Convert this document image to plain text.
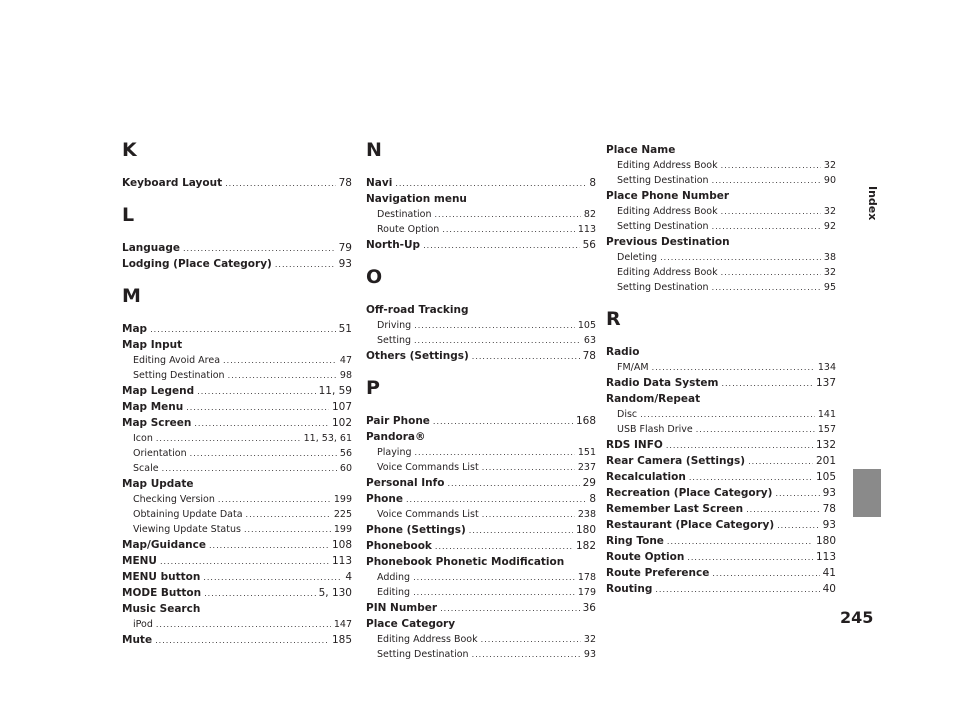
K
Keyboard Layout .....	78
L
Language .....	79
Lodging (Place Category) .....	93
M
Map .....	51
Map Input
Editing Avoid Area .....	47
Setting Destination .....	98
Map Legend .....	11, 59
Map Menu .....	107
Map Screen .....	102
Icon .....	11, 53, 61
Orientation .....	56
Scale .....	60
Map Update
Checking Version .....	199
Obtaining Update Data .....	225
Viewing Update Status .....	199
Map/Guidance .....	108
MENU .....	113
MENU button .....	4
MODE Button .....	5, 130
Music Search
iPod .....	147
Mute .....	185
N
Navi .....	8
Navigation menu
Destination .....	82
Route Option .....	113
North-Up .....	56
O
Off-road Tracking
Driving .....	105
Setting .....	63
Others (Settings) .....	78
P
Pair Phone .....	168
Pandora®
Playing .....	151
Voice Commands List .....	237
Personal Info .....	29
Phone .....	8
Voice Commands List .....	238
Phone (Settings) .....	180
Phonebook .....	182
Phonebook Phonetic Modification
Adding .....	178
Editing .....	179
PIN Number .....	36
Place Category
Editing Address Book .....	32
Setting Destination .....	93
Place Name
Editing Address Book .....	32
Setting Destination .....	90
Place Phone Number
Editing Address Book .....	32
Setting Destination .....	92
Previous Destination
Deleting .....	38
Editing Address Book .....	32
Setting Destination .....	95
R
Radio
FM/AM .....	134
Radio Data System .....	137
Random/Repeat
Disc .....	141
USB Flash Drive .....	157
RDS INFO .....	132
Rear Camera (Settings) .....	201
Recalculation .....	105
Recreation (Place Category) .....	93
Remember Last Screen .....	78
Restaurant (Place Category) .....	93
Ring Tone .....	180
Route Option .....	113
Route Preference .....	41
Routing .....	40
Index
245
